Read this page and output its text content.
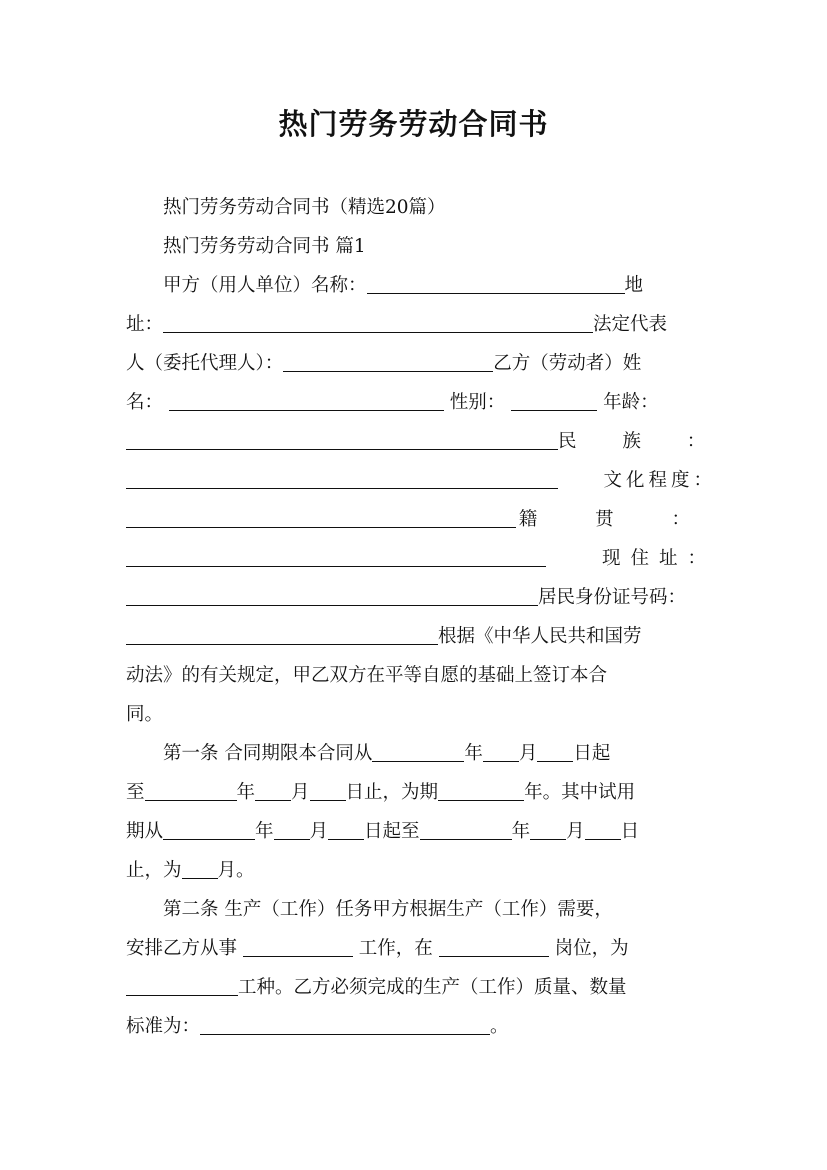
热门劳务劳动合同书

热门劳务劳动合同书（精选20篇）

热门劳务劳动合同书 篇1

甲方（用人单位）名称：	地
址：	法定代表
人（委托代理人）：	乙方（劳动者）姓
名：	性别：	年龄：
民 族 ：
文化程度：
籍 贯 ：
现住址：
居民身份证号码：
根据《中华人民共和国劳
动法》的有关规定，甲乙双方在平等自愿的基础上签订本合
同。
第一条 合同期限本合同从	年 月 日起
至	年 月 日止，为期	年。其中试用
期从	年 月 日起至	年 月 日
止，为 月。
第二条 生产（工作）任务甲方根据生产（工作）需要，
安排乙方从事	工作，在	岗位，为
工种。乙方必须完成的生产（工作）质量、数量
标准为：	。
